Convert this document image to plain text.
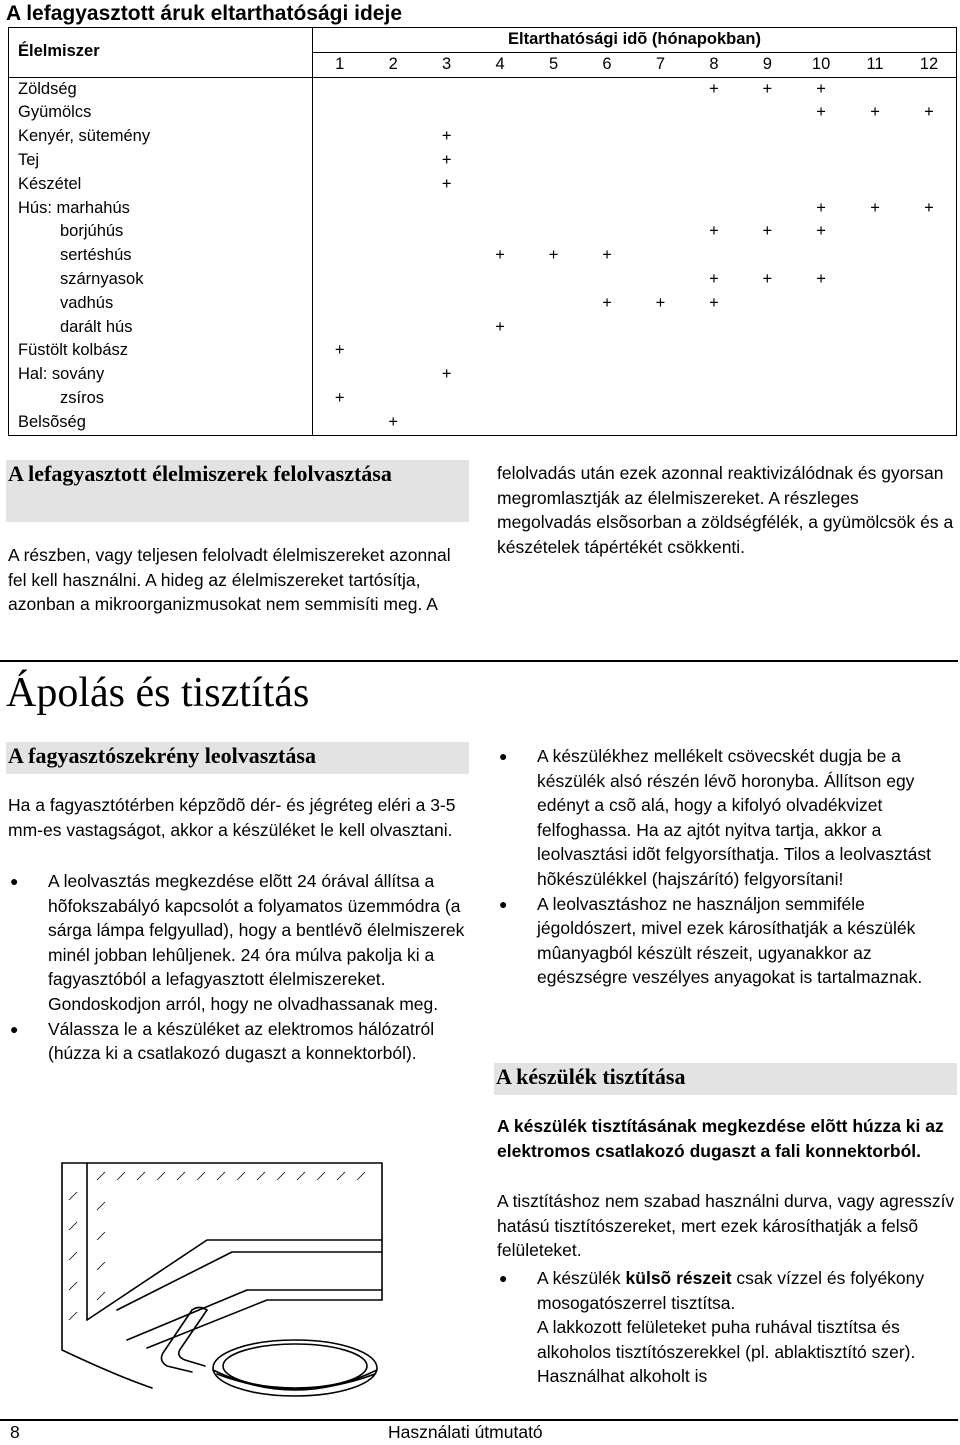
A lefagyasztott áruk eltarthatósági ideje
Élelmiszer	Eltarthatósági idõ (hónapokban)											
	1	2	3	4	5	6	7	8	9	10	11	12
Zöldség								+	+	+		
Gyümölcs										+	+	+
Kenyér, sütemény			+									
Tej			+									
Készétel			+									
Hús: marhahús										+	+	+
borjúhús								+	+	+		
sertéshús				+	+	+						
szárnyasok								+	+	+		
vadhús						+	+	+				
darált hús				+								
Füstölt kolbász	+											
Hal: sovány			+									
zsíros	+											
Belsõség		+										
A lefagyasztott élelmiszerek felolvasztása

A részben, vagy teljesen felolvadt élelmiszereket azonnal fel kell használni. A hideg az élelmiszereket tartósítja, azonban a mikroorganizmusokat nem semmisíti meg. A

felolvadás után ezek azonnal reaktivizálódnak és gyorsan megromlasztják az élelmiszereket. A részleges megolvadás elsõsorban a zöldségfélék, a gyümölcsök és a készételek tápértékét csökkenti.

Ápolás és tisztítás
A fagyasztószekrény leolvasztása

Ha a fagyasztótérben képzõdõ dér- és jégréteg eléri a 3-5 mm-es vastagságot, akkor a készüléket le kell olvasztani.

● A leolvasztás megkezdése elõtt 24 órával állítsa a hõfokszabályó kapcsolót a folyamatos üzemmódra (a sárga lámpa felgyullad), hogy a bentlévõ élelmiszerek minél jobban lehûljenek. 24 óra múlva pakolja ki a fagyasztóból a lefagyasztott élelmiszereket. Gondoskodjon arról, hogy ne olvadhassanak meg.
● Válassza le a készüléket az elektromos hálózatról (húzza ki a csatlakozó dugaszt a konnektorból).
● A készülékhez mellékelt csövecskét dugja be a készülék alsó részén lévõ horonyba. Állítson egy edényt a csõ alá, hogy a kifolyó olvadékvizet felfoghassa. Ha az ajtót nyitva tartja, akkor a leolvasztási idõt felgyorsíthatja. Tilos a leolvasztást hõkészülékkel (hajszárító) felgyorsítani!
● A leolvasztáshoz ne használjon semmiféle jégoldószert, mivel ezek károsíthatják a készülék mûanyagból készült részeit, ugyanakkor az egészségre veszélyes anyagokat is tartalmaznak.
A készülék tisztítása

A készülék tisztításának megkezdése elõtt húzza ki az elektromos csatlakozó dugaszt a fali konnektorból.

A tisztításhoz nem szabad használni durva, vagy agresszív hatású tisztítószereket, mert ezek károsíthatják a felsõ felületeket.

● A készülék külsõ részeit csak vízzel és folyékony mosogatószerrel tisztítsa.
A lakkozott felületeket puha ruhával tisztítsa és alkoholos tisztítószerekkel (pl. ablaktisztító szer). Használhat alkoholt is
8	Használati útmutató
